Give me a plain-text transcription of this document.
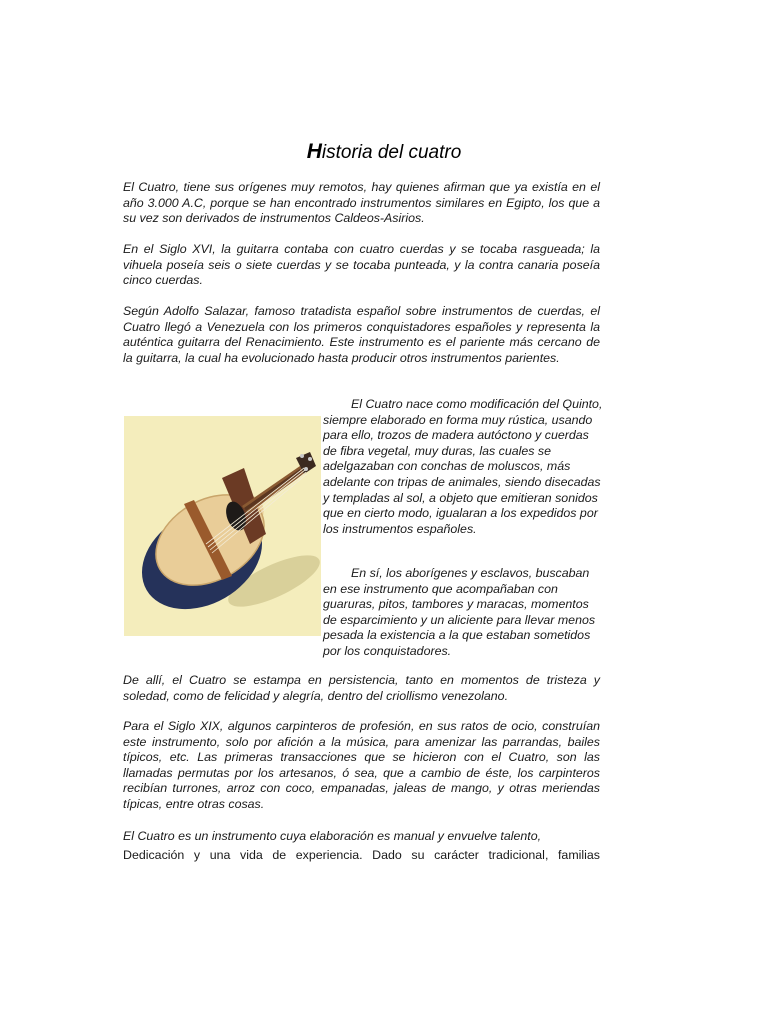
Historia del cuatro

El Cuatro, tiene sus orígenes muy remotos, hay quienes afirman que ya existía en el año 3.000 A.C, porque se han encontrado instrumentos similares en Egipto, los que a su vez son derivados de instrumentos Caldeos-Asirios.

En el Siglo XVI, la guitarra contaba con cuatro cuerdas y se tocaba rasgueada; la vihuela poseía seis o siete cuerdas y se tocaba punteada, y la contra canaria poseía cinco cuerdas.

Según Adolfo Salazar, famoso tratadista español sobre instrumentos de cuerdas, el Cuatro llegó a Venezuela con los primeros conquistadores españoles y representa la auténtica guitarra del Renacimiento. Este instrumento es el pariente más cercano de la guitarra, la cual ha evolucionado hasta producir otros instrumentos parientes.

El Cuatro nace como modificación del Quinto, siempre elaborado en forma muy rústica, usando para ello, trozos de madera autóctono y cuerdas de fibra vegetal, muy duras, las cuales se adelgazaban con conchas de moluscos, más adelante con tripas de animales, siendo disecadas y templadas al sol, a objeto que emitieran sonidos que en cierto modo, igualaran a los expedidos por los instrumentos españoles.

En sí, los aborígenes y esclavos, buscaban en ese instrumento que acompañaban con guaruras, pitos, tambores y maracas, momentos de esparcimiento y un aliciente para llevar menos pesada la existencia a la que estaban sometidos por los conquistadores.

De allí, el Cuatro se estampa en persistencia, tanto en momentos de tristeza y soledad, como de felicidad y alegría, dentro del criollismo venezolano.

Para el Siglo XIX, algunos carpinteros de profesión, en sus ratos de ocio, construían este instrumento, solo por afición a la música, para amenizar las parrandas, bailes típicos, etc. Las primeras transacciones que se hicieron con el Cuatro, son las llamadas permutas por los artesanos, ó sea, que a cambio de éste, los carpinteros recibían turrones, arroz con coco, empanadas, jaleas de mango, y otras meriendas típicas, entre otras cosas.

El Cuatro es un instrumento cuya elaboración es manual y envuelve talento,

Dedicación y una vida de experiencia. Dado su carácter tradicional, familias
